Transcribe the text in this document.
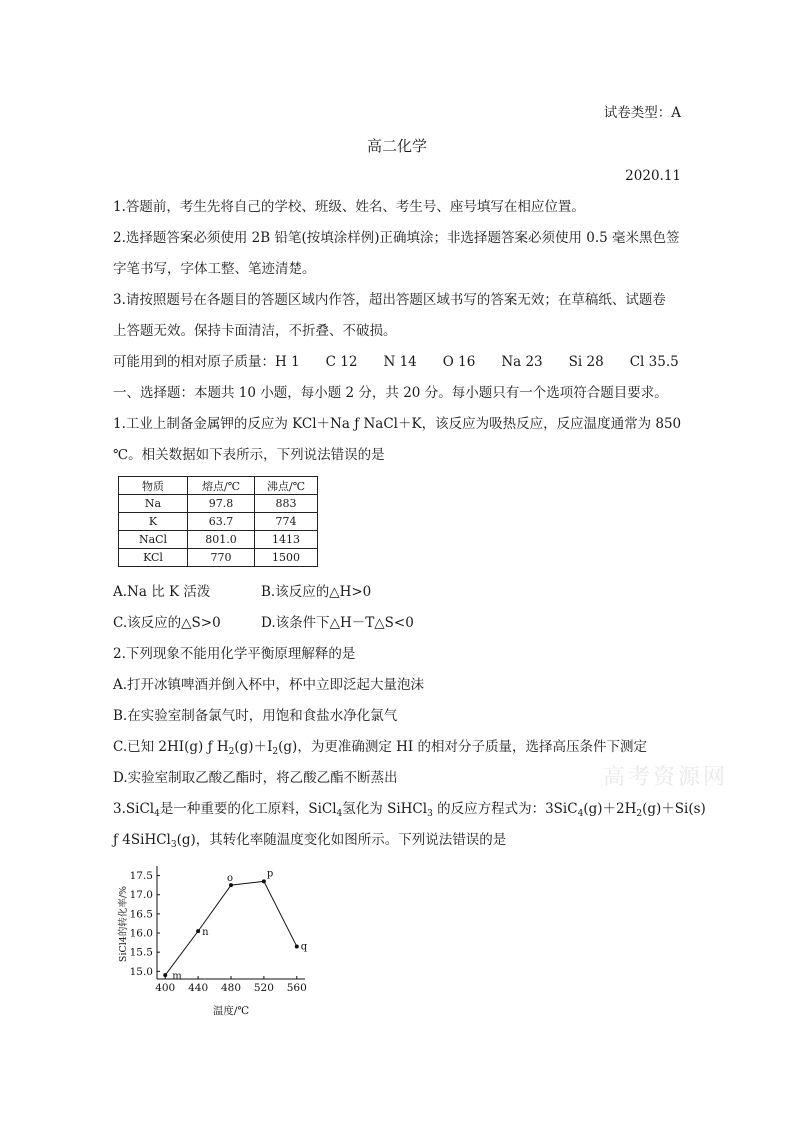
试卷类型：A
高二化学
2020.11
1.答题前，考生先将自己的学校、班级、姓名、考生号、座号填写在相应位置。
2.选择题答案必须使用 2B 铅笔(按填涂样例)正确填涂；非选择题答案必须使用 0.5 毫米黑色签
字笔书写，字体工整、笔迹清楚。
3.请按照题号在各题目的答题区域内作答，超出答题区域书写的答案无效；在草稿纸、试题卷
上答题无效。保持卡面清洁，不折叠、不破损。
可能用到的相对原子质量：H 1 C 12 N 14 O 16 Na 23 Si 28 Cl 35.5
一、选择题：本题共 10 小题，每小题 2 分，共 20 分。每小题只有一个选项符合题目要求。
1.工业上制备金属钾的反应为 KCl＋Na ƒ NaCl＋K，该反应为吸热反应，反应温度通常为 850
℃。相关数据如下表所示，下列说法错误的是
物质	熔点/℃	沸点/℃
Na	97.8	883
K	63.7	774
NaCl	801.0	1413
KCl	770	1500
A.Na 比 K 活泼	B.该反应的△H>0
C.该反应的△S>0	D.该条件下△H－T△S<0
2.下列现象不能用化学平衡原理解释的是
A.打开冰镇啤酒并倒入杯中，杯中立即泛起大量泡沫
B.在实验室制备氯气时，用饱和食盐水净化氯气
C.已知 2HI(g) ƒ $H_2(g)+I_2(g)$，为更准确测定 HI 的相对分子质量，选择高压条件下测定
D.实验室制取乙酸乙酯时，将乙酸乙酯不断蒸出
3.SiCl$_4$是一种重要的化工原料，SiCl$_4$氢化为 SiHCl$_3$ 的反应方程式为：$3SiC_4(g)+2H_2(g)+Si(s)$
ƒ 4SiHCl$_3$(g)，其转化率随温度变化如图所示。下列说法错误的是
高考资源网
400 440 480 520 560
15.0
15.5
16.0
16.5
17.0
17.5
m
n
o	p
q
温度/℃
SiCl4的转化率/%
